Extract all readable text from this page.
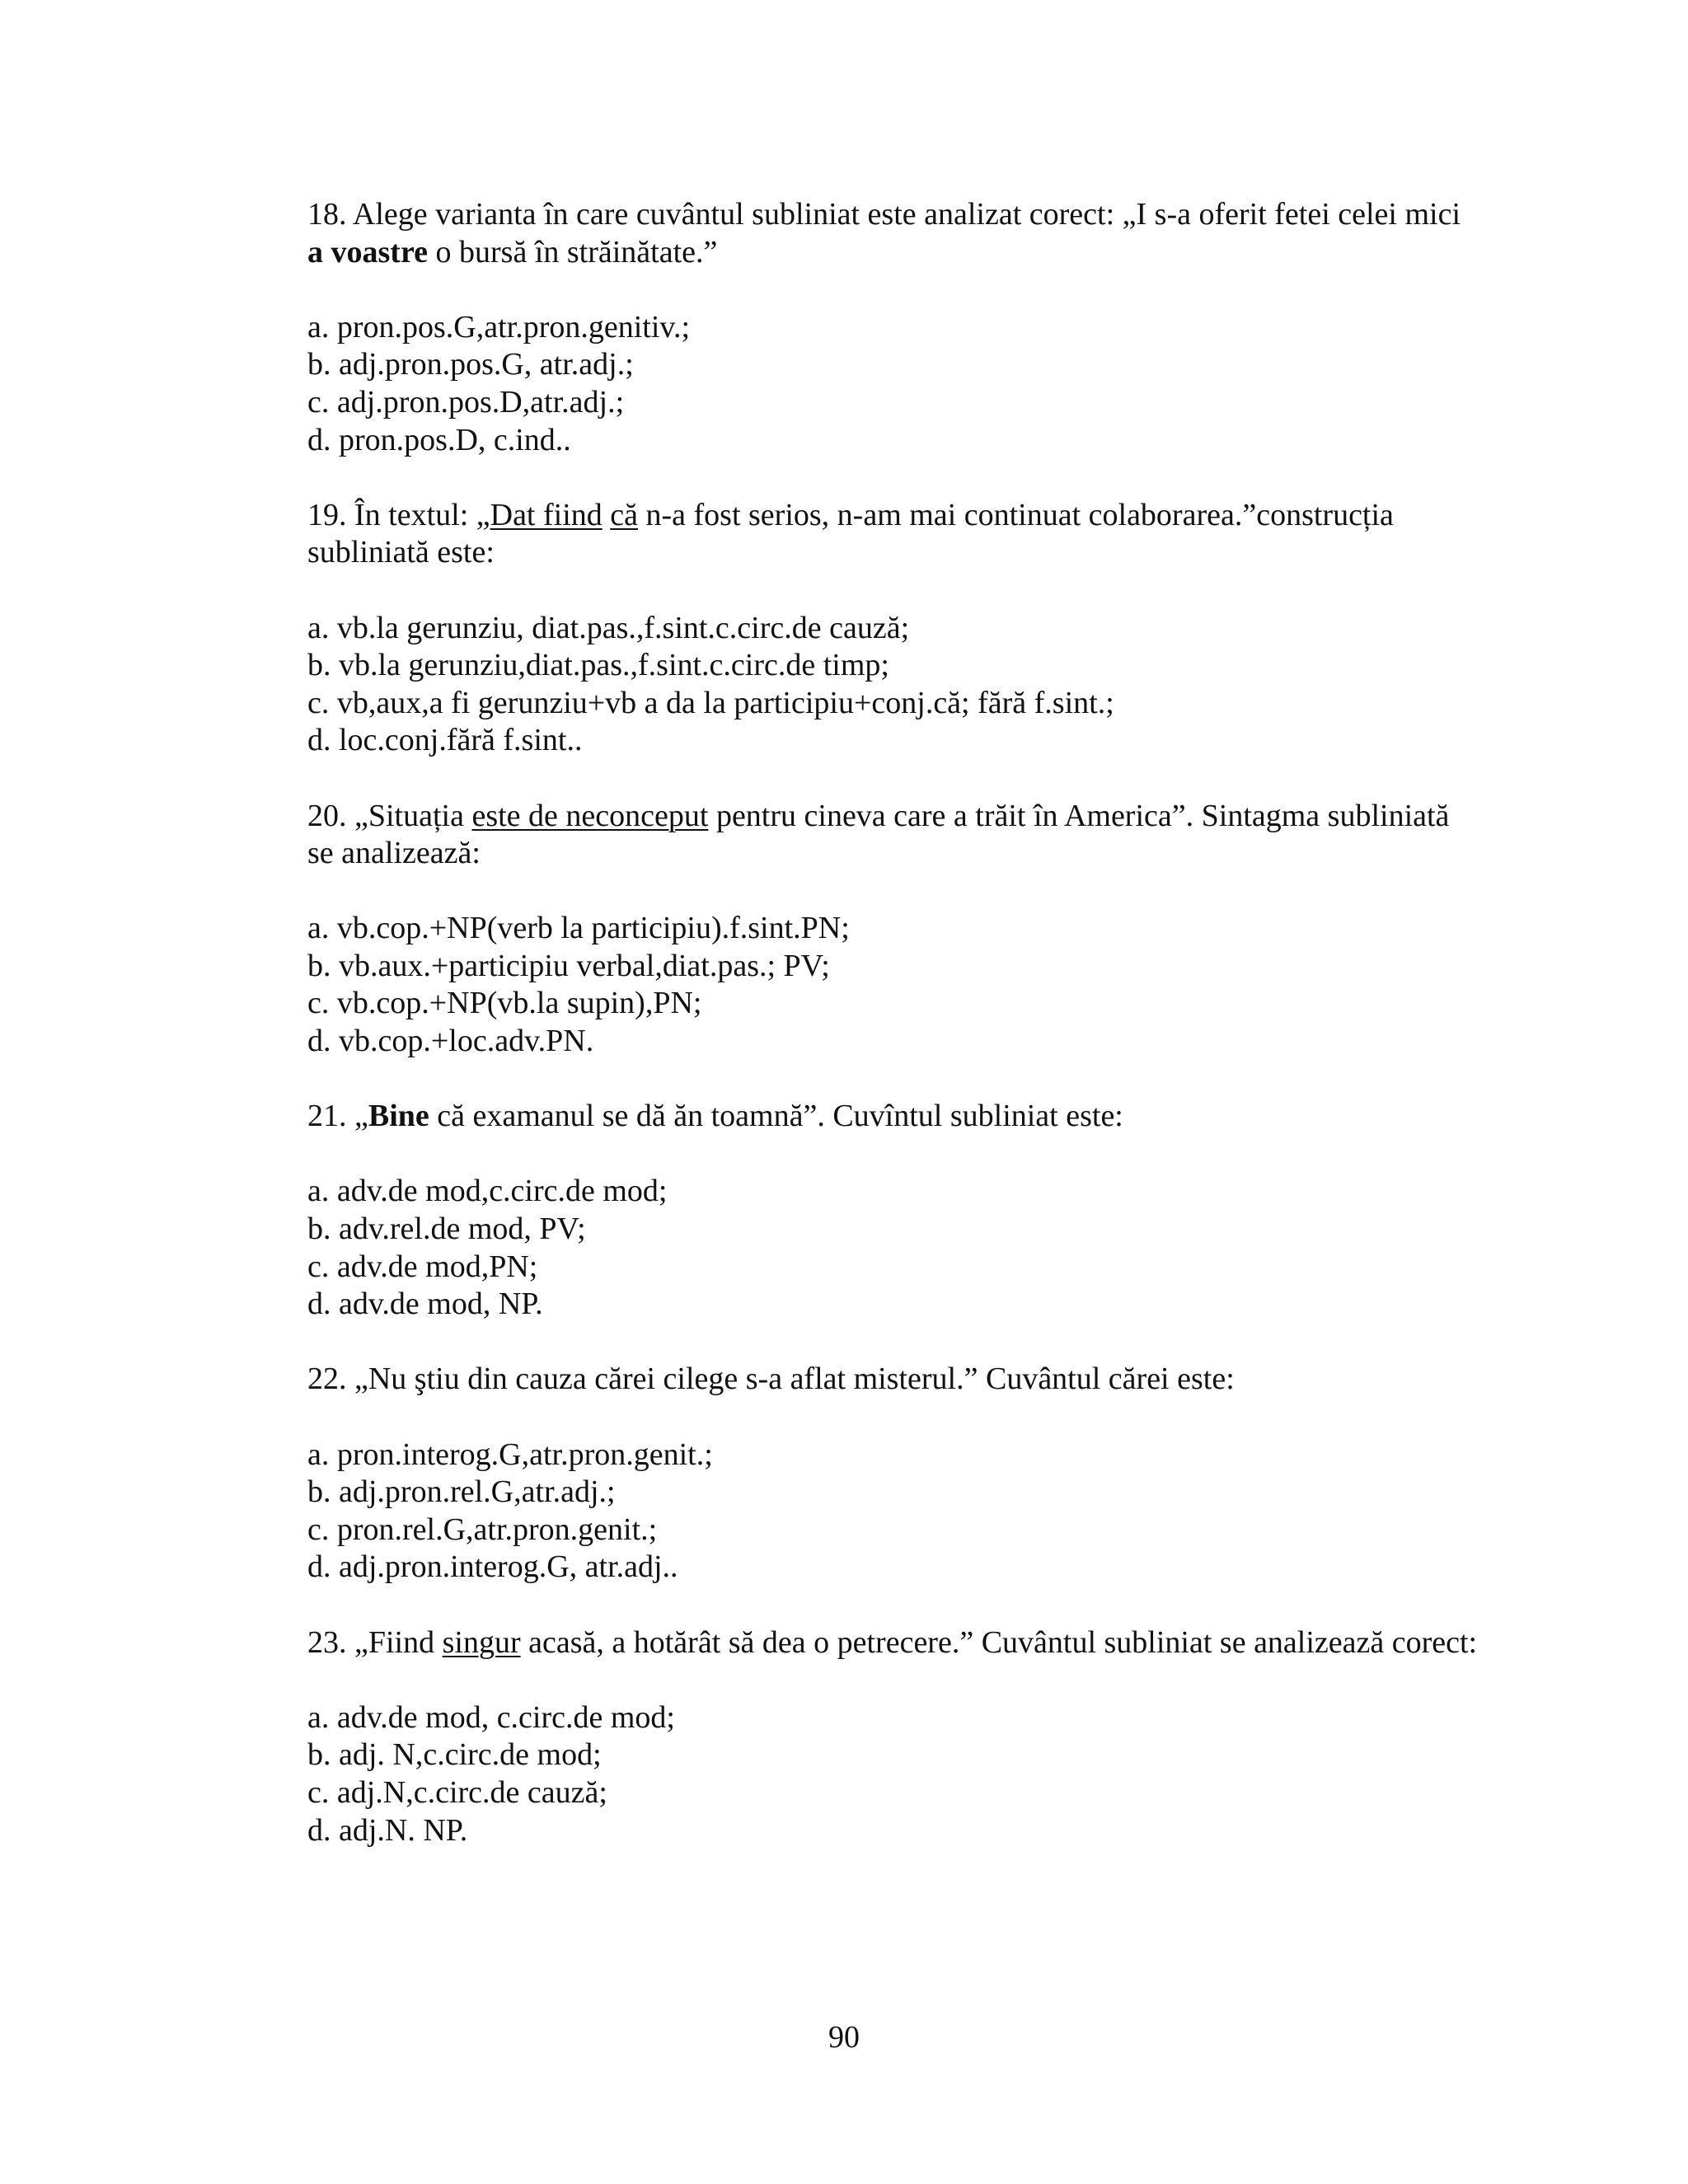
18. Alege varianta în care cuvântul subliniat este analizat corect: „I s-a oferit fetei celei mici a voastre o bursă în străinătate.”
a. pron.pos.G,atr.pron.genitiv.;
b. adj.pron.pos.G, atr.adj.;
c. adj.pron.pos.D,atr.adj.;
d. pron.pos.D, c.ind..
19. În textul: „Dat fiind că n-a fost serios, n-am mai continuat colaborarea.”construcția subliniată este:
a. vb.la gerunziu, diat.pas.,f.sint.c.circ.de cauză;
b. vb.la gerunziu,diat.pas.,f.sint.c.circ.de timp;
c. vb,aux,a fi gerunziu+vb a da la participiu+conj.că; fără f.sint.;
d. loc.conj.fără f.sint..
20. „Situația este de neconceput pentru cineva care a trăit în America”. Sintagma subliniată se analizează:
a. vb.cop.+NP(verb la participiu).f.sint.PN;
b. vb.aux.+participiu verbal,diat.pas.; PV;
c. vb.cop.+NP(vb.la supin),PN;
d. vb.cop.+loc.adv.PN.
21. „Bine că examanul se dă ăn toamnă”. Cuvîntul subliniat este:
a. adv.de mod,c.circ.de mod;
b. adv.rel.de mod, PV;
c. adv.de mod,PN;
d. adv.de mod, NP.
22. „Nu ştiu din cauza cărei cilege s-a aflat misterul.” Cuvântul cărei este:
a. pron.interog.G,atr.pron.genit.;
b. adj.pron.rel.G,atr.adj.;
c. pron.rel.G,atr.pron.genit.;
d. adj.pron.interog.G, atr.adj..
23. „Fiind singur acasă, a hotărât să dea o petrecere.” Cuvântul subliniat se analizează corect:
a. adv.de mod, c.circ.de mod;
b. adj. N,c.circ.de mod;
c. adj.N,c.circ.de cauză;
d. adj.N. NP.
90
